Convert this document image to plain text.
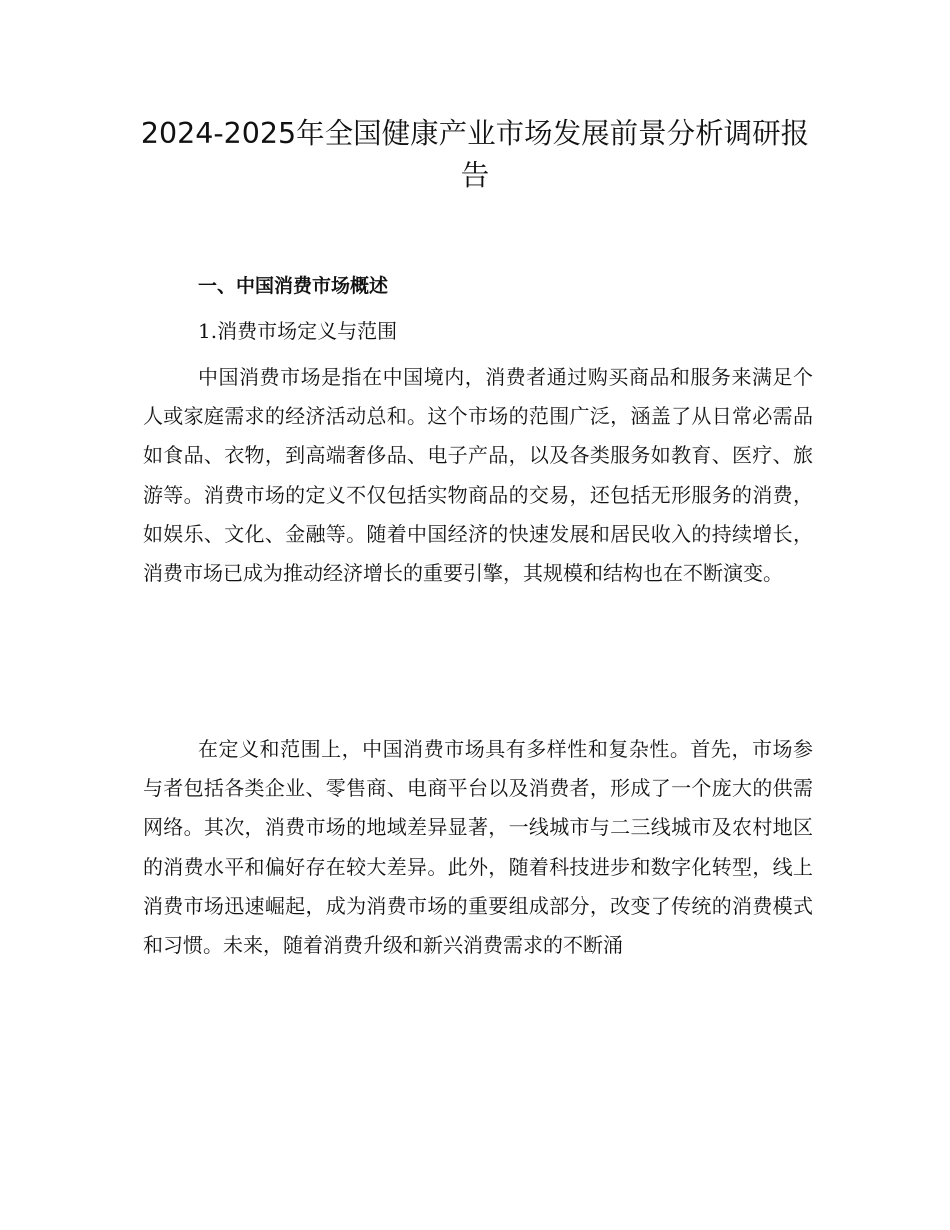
2024-2025年全国健康产业市场发展前景分析调研报告
一、中国消费市场概述
1.消费市场定义与范围

中国消费市场是指在中国境内，消费者通过购买商品和服务来满足个人或家庭需求的经济活动总和。这个市场的范围广泛，涵盖了从日常必需品如食品、衣物，到高端奢侈品、电子产品，以及各类服务如教育、医疗、旅游等。消费市场的定义不仅包括实物商品的交易，还包括无形服务的消费，如娱乐、文化、金融等。随着中国经济的快速发展和居民收入的持续增长，消费市场已成为推动经济增长的重要引擎，其规模和结构也在不断演变。

在定义和范围上，中国消费市场具有多样性和复杂性。首先，市场参与者包括各类企业、零售商、电商平台以及消费者，形成了一个庞大的供需网络。其次，消费市场的地域差异显著，一线城市与二三线城市及农村地区的消费水平和偏好存在较大差异。此外，随着科技进步和数字化转型，线上消费市场迅速崛起，成为消费市场的重要组成部分，改变了传统的消费模式和习惯。未来，随着消费升级和新兴消费需求的不断涌
